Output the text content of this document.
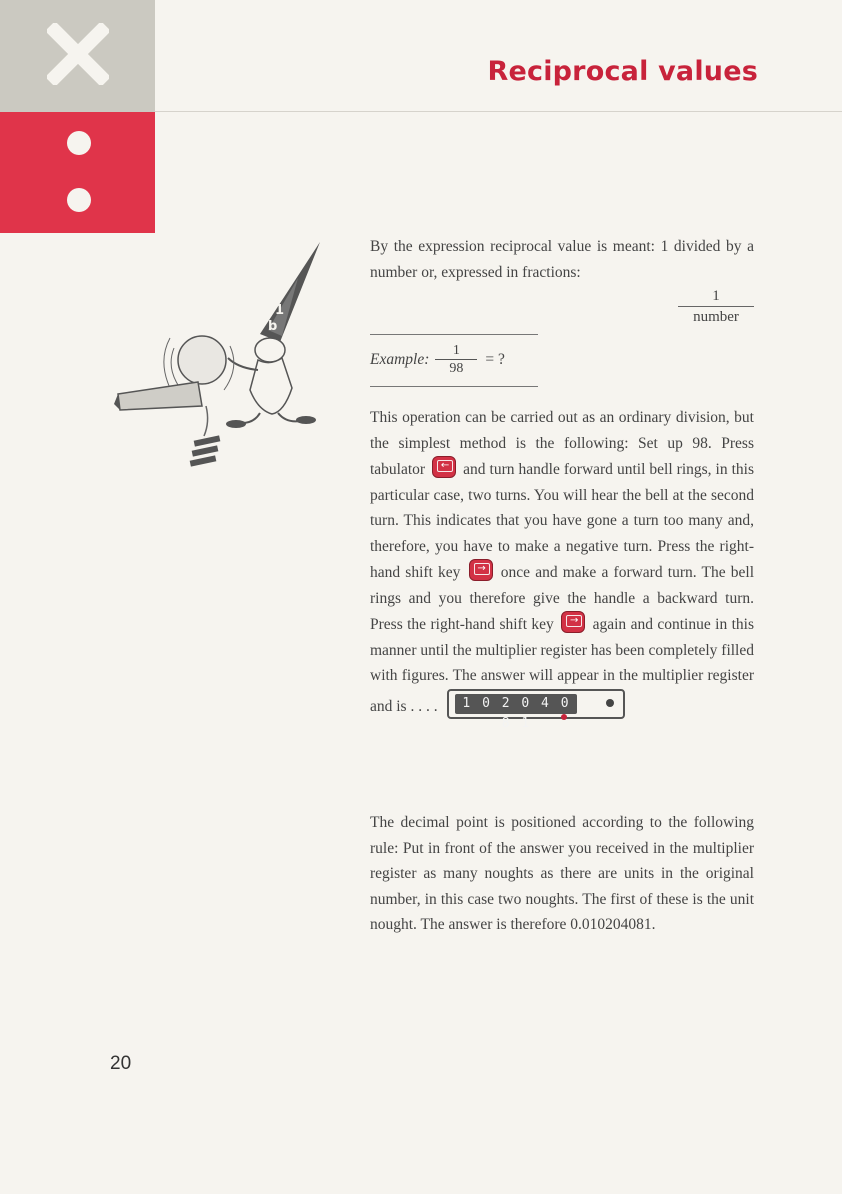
Reciprocal values
1
b
By the expression reciprocal value is meant: 1 divided by a number or, expressed in fractions:
1
number
Example: $\frac{1}{98}$ = ?
This operation can be carried out as an ordinary division, but the simplest method is the following: Set up 98. Press tabulator	← and turn handle forward until bell rings, in this particular case, two turns. You will hear the bell at the second turn. This indicates that you have gone a turn too many and, therefore, you have to make a negative turn. Press the right-hand shift key	→ once and make a forward turn. The bell rings and you therefore give the handle a backward turn. Press the right-hand shift key	→ again and continue in this manner until the multiplier register has been completely filled with figures. The answer will appear in the multiplier register and is . . . .	1 0 2 0 4 0 8 1
The decimal point is positioned according to the following rule: Put in front of the answer you received in the multiplier register as many noughts as there are units in the original number, in this case two noughts. The first of these is the unit nought. The answer is therefore 0.010204081.
20
